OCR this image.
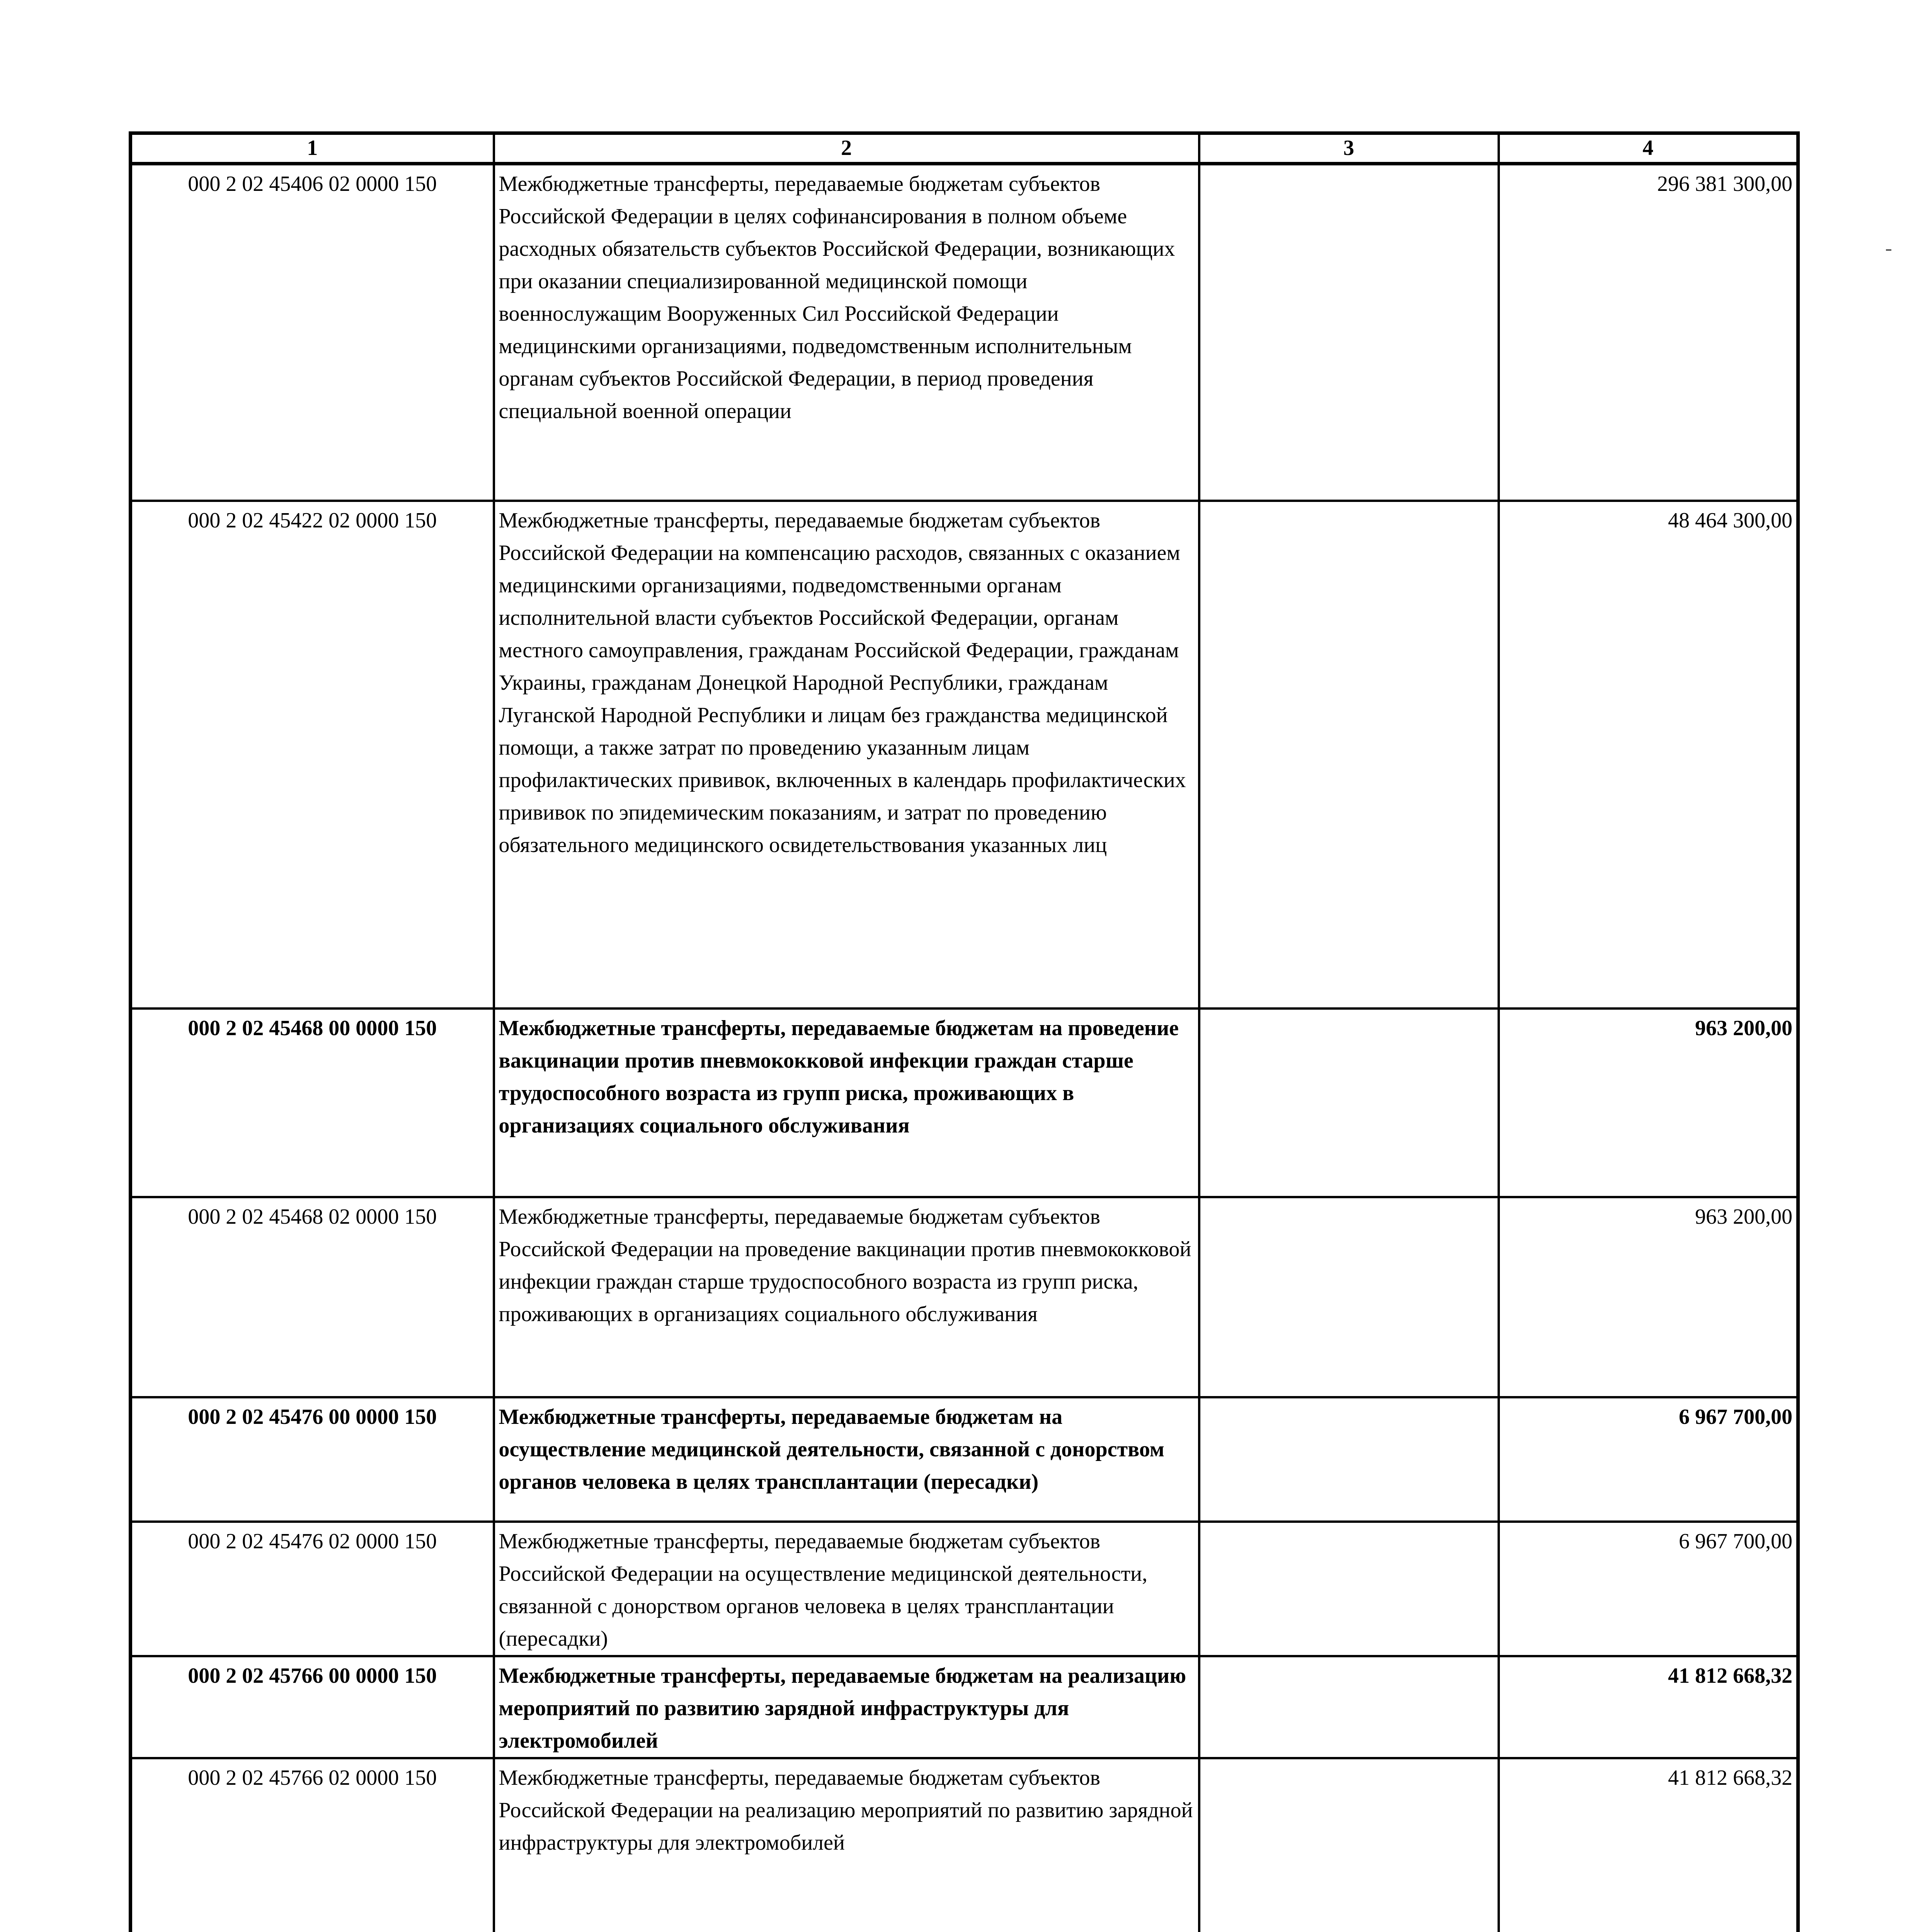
1	2	3	4
000 2 02 45406 02 0000 150	Межбюджетные трансферты, передаваемые бюджетам субъектов Российской Федерации в целях софинансирования в полном объеме расходных обязательств субъектов Российской Федерации, возникающих при оказании специализированной медицинской помощи военнослужащим Вооруженных Сил Российской Федерации медицинскими организациями, подведомственным исполнительным органам субъектов Российской Федерации, в период проведения специальной военной операции		296 381 300,00
000 2 02 45422 02 0000 150	Межбюджетные трансферты, передаваемые бюджетам субъектов Российской Федерации на компенсацию расходов, связанных с оказанием медицинскими организациями, подведомственными органам исполнительной власти субъектов Российской Федерации, органам местного самоуправления, гражданам Российской Федерации, гражданам Украины, гражданам Донецкой Народной Республики, гражданам Луганской Народной Республики и лицам без гражданства медицинской помощи, а также затрат по проведению указанным лицам профилактических прививок, включенных в календарь профилактических прививок по эпидемическим показаниям, и затрат по проведению обязательного медицинского освидетельствования указанных лиц		48 464 300,00
000 2 02 45468 00 0000 150	Межбюджетные трансферты, передаваемые бюджетам на проведение вакцинации против пневмококковой инфекции граждан старше трудоспособного возраста из групп риска, проживающих в организациях социального обслуживания		963 200,00
000 2 02 45468 02 0000 150	Межбюджетные трансферты, передаваемые бюджетам субъектов Российской Федерации на проведение вакцинации против пневмококковой инфекции граждан старше трудоспособного возраста из групп риска, проживающих в организациях социального обслуживания		963 200,00
000 2 02 45476 00 0000 150	Межбюджетные трансферты, передаваемые бюджетам на осуществление медицинской деятельности, связанной с донорством органов человека в целях трансплантации (пересадки)		6 967 700,00
000 2 02 45476 02 0000 150	Межбюджетные трансферты, передаваемые бюджетам субъектов Российской Федерации на осуществление медицинской деятельности, связанной с донорством органов человека в целях трансплантации (пересадки)		6 967 700,00
000 2 02 45766 00 0000 150	Межбюджетные трансферты, передаваемые бюджетам на реализацию мероприятий по развитию зарядной инфраструктуры для электромобилей		41 812 668,32
000 2 02 45766 02 0000 150	Межбюджетные трансферты, передаваемые бюджетам субъектов Российской Федерации на реализацию мероприятий по развитию зарядной инфраструктуры для электромобилей		41 812 668,32
